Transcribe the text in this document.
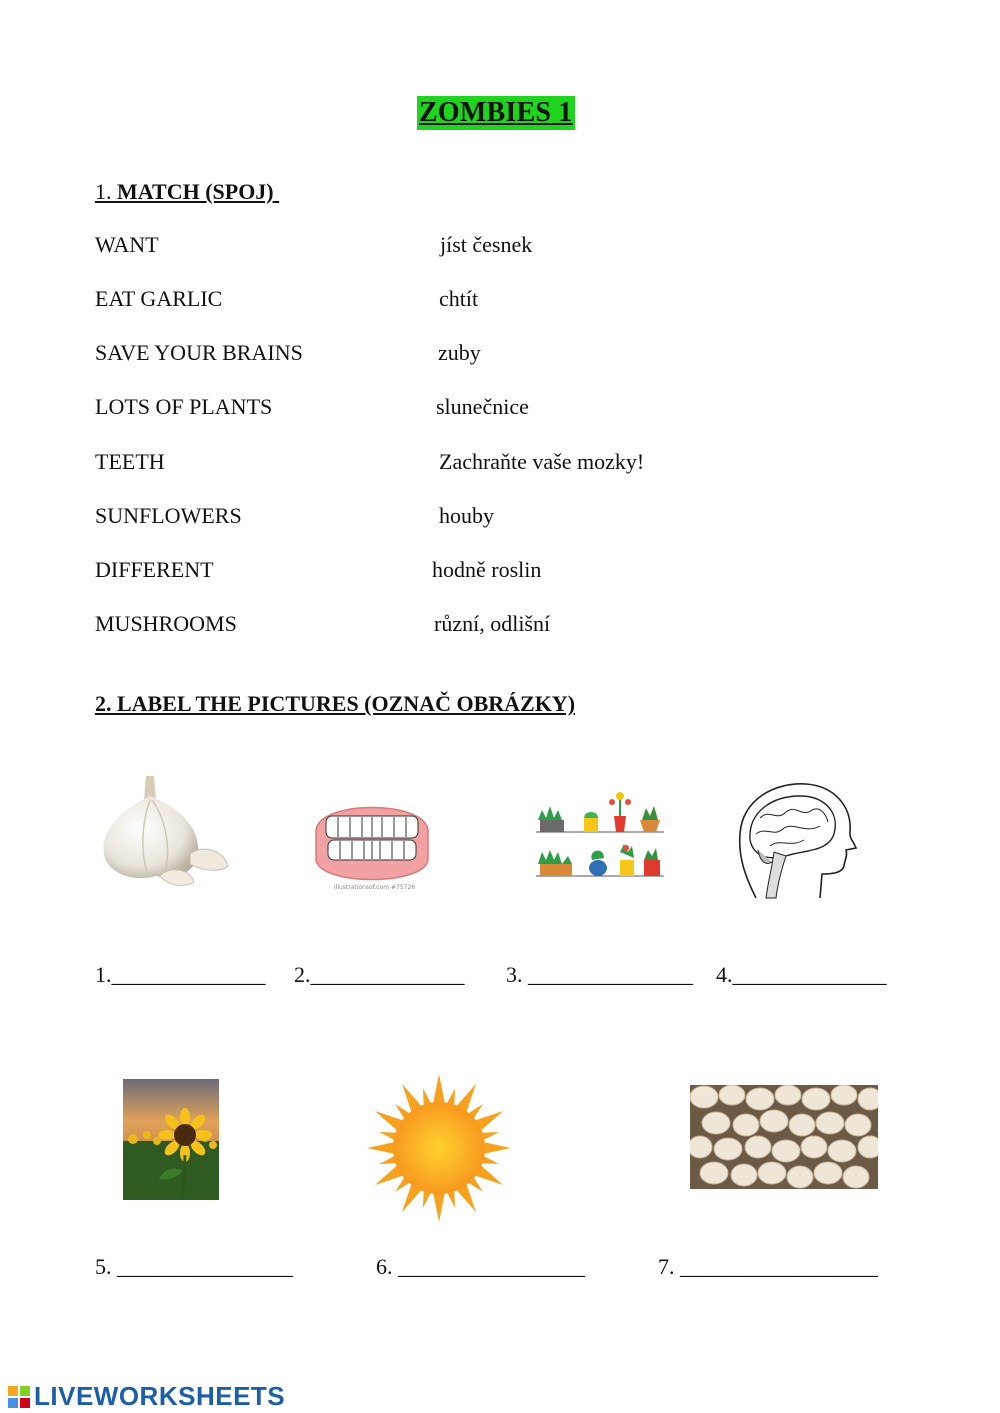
ZOMBIES 1
1. MATCH (SPOJ)
WANT
EAT GARLIC
SAVE YOUR BRAINS
LOTS OF PLANTS
TEETH
SUNFLOWERS
DIFFERENT
MUSHROOMS
jíst česnek
chtít
zuby
slunečnice
Zachraňte vaše mozky!
houby
hodně roslin
různí, odlišní
2. LABEL THE PICTURES (OZNAČ OBRÁZKY)
illustrationsof.com #75726
1.______________ 2.______________ 3. _______________ 4.______________
5. ________________	6. _________________	7. __________________
LIVEWORKSHEETS
